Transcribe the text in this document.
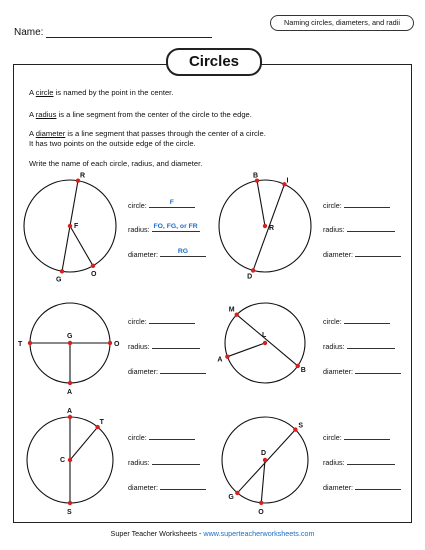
Name:
Naming circles, diameters, and radii
Circles
A circle is named by the point in the center.
A radius is a line segment from the center of the circle to the edge.
A diameter is a line segment that passes through the center of a circle.
It has two points on the outside edge of the circle.
Write the name of each circle, radius, and diameter.
R
F
G
O
B
I
R
D
G
T	O
A
M
L
A
B
A
T
C
S
S
D
G
O
circle:	F
radius: FO, FG, or FR
diameter:	RG
circle:
radius:
diameter:
circle:
radius:
diameter:
circle:
radius:
diameter:
circle:
radius:
diameter:
circle:
radius:
diameter:
Super Teacher Worksheets - www.superteacherworksheets.com
